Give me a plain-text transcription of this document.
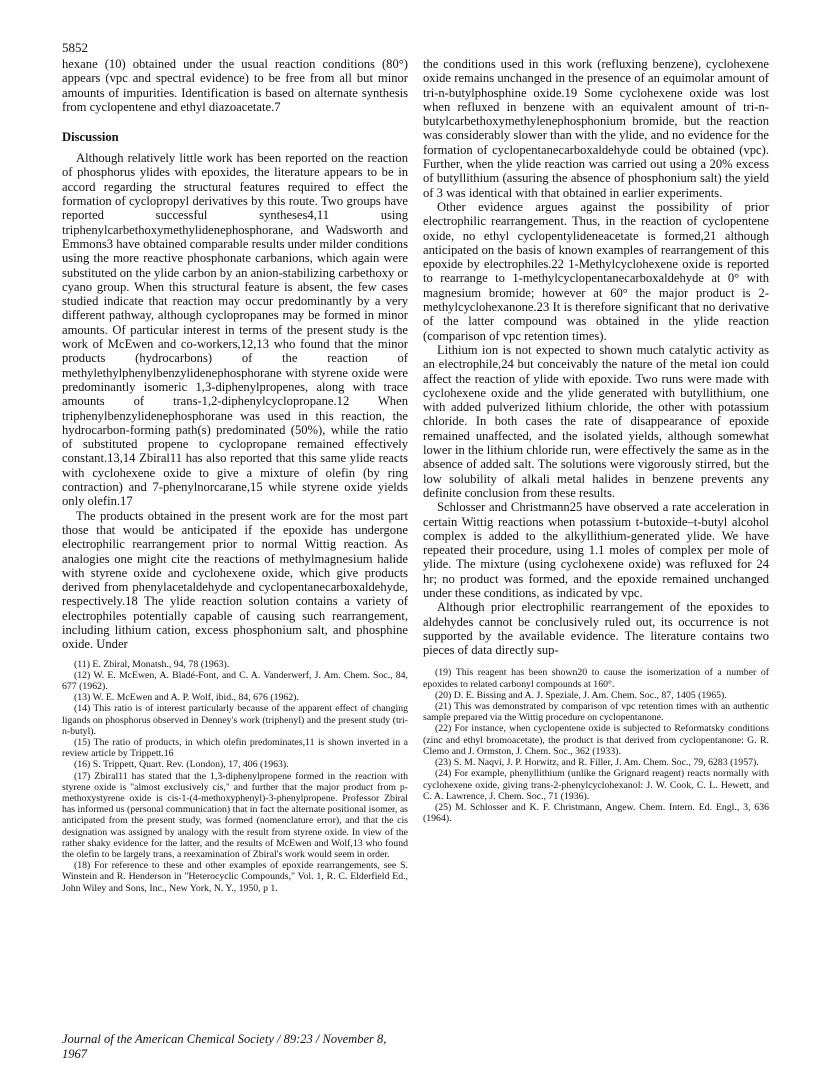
5852

hexane (10) obtained under the usual reaction conditions (80°) appears (vpc and spectral evidence) to be free from all but minor amounts of impurities. Identification is based on alternate synthesis from cyclopentene and ethyl diazoacetate.7

Discussion

Although relatively little work has been reported on the reaction of phosphorus ylides with epoxides, the literature appears to be in accord regarding the structural features required to effect the formation of cyclopropyl derivatives by this route. Two groups have reported successful syntheses4,11 using triphenylcarbethoxymethylidenephosphorane, and Wadsworth and Emmons3 have obtained comparable results under milder conditions using the more reactive phosphonate carbanions, which again were substituted on the ylide carbon by an anion-stabilizing carbethoxy or cyano group. When this structural feature is absent, the few cases studied indicate that reaction may occur predominantly by a very different pathway, although cyclopropanes may be formed in minor amounts. Of particular interest in terms of the present study is the work of McEwen and co-workers,12,13 who found that the minor products (hydrocarbons) of the reaction of methylethylphenylbenzylidenephosphorane with styrene oxide were predominantly isomeric 1,3-diphenylpropenes, along with trace amounts of trans-1,2-diphenylcyclopropane.12 When triphenylbenzylidenephosphorane was used in this reaction, the hydrocarbon-forming path(s) predominated (50%), while the ratio of substituted propene to cyclopropane remained effectively constant.13,14 Zbiral11 has also reported that this same ylide reacts with cyclohexene oxide to give a mixture of olefin (by ring contraction) and 7-phenylnorcarane,15 while styrene oxide yields only olefin.17

The products obtained in the present work are for the most part those that would be anticipated if the epoxide has undergone electrophilic rearrangement prior to normal Wittig reaction. As analogies one might cite the reactions of methylmagnesium halide with styrene oxide and cyclohexene oxide, which give products derived from phenylacetaldehyde and cyclopentanecarboxaldehyde, respectively.18 The ylide reaction solution contains a variety of electrophiles potentially capable of causing such rearrangement, including lithium cation, excess phosphonium salt, and phosphine oxide. Under

(11) E. Zbiral, Monatsh., 94, 78 (1963).

(12) W. E. McEwen, A. Bladé-Font, and C. A. Vanderwerf, J. Am. Chem. Soc., 84, 677 (1962).

(13) W. E. McEwen and A. P. Wolf, ibid., 84, 676 (1962).

(14) This ratio is of interest particularly because of the apparent effect of changing ligands on phosphorus observed in Denney's work (triphenyl) and the present study (tri-n-butyl).

(15) The ratio of products, in which olefin predominates,11 is shown inverted in a review article by Trippett.16

(16) S. Trippett, Quart. Rev. (London), 17, 406 (1963).

(17) Zbiral11 has stated that the 1,3-diphenylpropene formed in the reaction with styrene oxide is "almost exclusively cis," and further that the major product from p-methoxystyrene oxide is cis-1-(4-methoxyphenyl)-3-phenylpropene. Professor Zbiral has informed us (personal communication) that in fact the alternate positional isomer, as anticipated from the present study, was formed (nomenclature error), and that the cis designation was assigned by analogy with the result from styrene oxide. In view of the rather shaky evidence for the latter, and the results of McEwen and Wolf,13 who found the olefin to be largely trans, a reexamination of Zbiral's work would seem in order.

(18) For reference to these and other examples of epoxide rearrangements, see S. Winstein and R. Henderson in "Heterocyclic Compounds," Vol. 1, R. C. Elderfield Ed., John Wiley and Sons, Inc., New York, N. Y., 1950, p 1.

the conditions used in this work (refluxing benzene), cyclohexene oxide remains unchanged in the presence of an equimolar amount of tri-n-butylphosphine oxide.19 Some cyclohexene oxide was lost when refluxed in benzene with an equivalent amount of tri-n-butylcarbethoxymethylenephosphonium bromide, but the reaction was considerably slower than with the ylide, and no evidence for the formation of cyclopentanecarboxaldehyde could be obtained (vpc). Further, when the ylide reaction was carried out using a 20% excess of butyllithium (assuring the absence of phosphonium salt) the yield of 3 was identical with that obtained in earlier experiments.

Other evidence argues against the possibility of prior electrophilic rearrangement. Thus, in the reaction of cyclopentene oxide, no ethyl cyclopentylideneacetate is formed,21 although anticipated on the basis of known examples of rearrangement of this epoxide by electrophiles.22 1-Methylcyclohexene oxide is reported to rearrange to 1-methylcyclopentanecarboxaldehyde at 0° with magnesium bromide; however at 60° the major product is 2-methylcyclohexanone.23 It is therefore significant that no derivative of the latter compound was obtained in the ylide reaction (comparison of vpc retention times).

Lithium ion is not expected to shown much catalytic activity as an electrophile,24 but conceivably the nature of the metal ion could affect the reaction of ylide with epoxide. Two runs were made with cyclohexene oxide and the ylide generated with butyllithium, one with added pulverized lithium chloride, the other with potassium chloride. In both cases the rate of disappearance of epoxide remained unaffected, and the isolated yields, although somewhat lower in the lithium chloride run, were effectively the same as in the absence of added salt. The solutions were vigorously stirred, but the low solubility of alkali metal halides in benzene prevents any definite conclusion from these results.

Schlosser and Christmann25 have observed a rate acceleration in certain Wittig reactions when potassium t-butoxide–t-butyl alcohol complex is added to the alkyllithium-generated ylide. We have repeated their procedure, using 1.1 moles of complex per mole of ylide. The mixture (using cyclohexene oxide) was refluxed for 24 hr; no product was formed, and the epoxide remained unchanged under these conditions, as indicated by vpc.

Although prior electrophilic rearrangement of the epoxides to aldehydes cannot be conclusively ruled out, its occurrence is not supported by the available evidence. The literature contains two pieces of data directly sup-

(19) This reagent has been shown20 to cause the isomerization of a number of epoxides to related carbonyl compounds at 160°.

(20) D. E. Bissing and A. J. Speziale, J. Am. Chem. Soc., 87, 1405 (1965).

(21) This was demonstrated by comparison of vpc retention times with an authentic sample prepared via the Wittig procedure on cyclopentanone.

(22) For instance, when cyclopentene oxide is subjected to Reformatsky conditions (zinc and ethyl bromoacetate), the product is that derived from cyclopentanone: G. R. Clemo and J. Ormston, J. Chem. Soc., 362 (1933).

(23) S. M. Naqvi, J. P. Horwitz, and R. Filler, J. Am. Chem. Soc., 79, 6283 (1957).

(24) For example, phenyllithium (unlike the Grignard reagent) reacts normally with cyclohexene oxide, giving trans-2-phenylcyclohexanol: J. W. Cook, C. L. Hewett, and C. A. Lawrence, J. Chem. Soc., 71 (1936).

(25) M. Schlosser and K. F. Christmann, Angew. Chem. Intern. Ed. Engl., 3, 636 (1964).

Journal of the American Chemical Society / 89:23 / November 8, 1967
